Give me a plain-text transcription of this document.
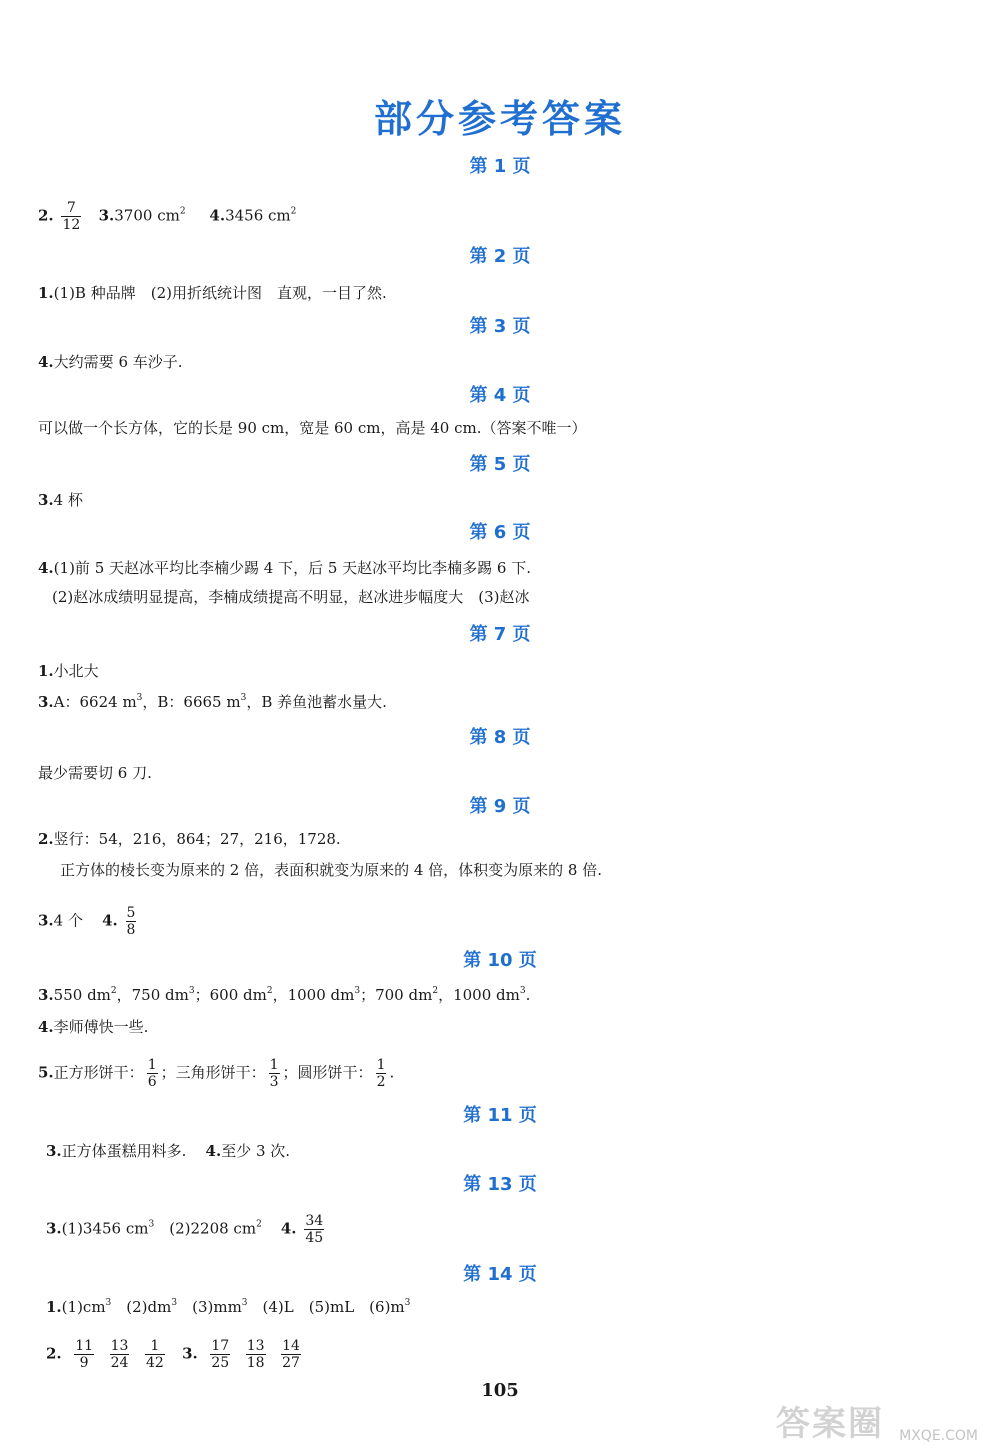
部分参考答案
第 1 页
2. $\frac{7}{12} 3.3700$ $cm^2$ 4.3456 $cm^2$
第 2 页
1.(1)B 种品牌　(2)用折纸统计图　直观，一目了然.
第 3 页
4.大约需要 6 车沙子.
第 4 页
可以做一个长方体，它的长是 90 cm，宽是 60 cm，高是 40 cm.（答案不唯一）
第 5 页
3.4 杯
第 6 页
4.(1)前 5 天赵冰平均比李楠少踢 4 下，后 5 天赵冰平均比李楠多踢 6 下.
(2)赵冰成绩明显提高，李楠成绩提高不明显，赵冰进步幅度大　(3)赵冰
第 7 页
1.小北大
3.A：6624 $m^3$，B：6665 $m^3$，B 养鱼池蓄水量大.
第 8 页
最少需要切 6 刀.
第 9 页
2.竖行：54，216，864；27，216，1728.
正方体的棱长变为原来的 2 倍，表面积就变为原来的 4 倍，体积变为原来的 8 倍.
3.4 个 4. $\frac{5}{8}$
第 10 页
3.550 $dm^2$，750 $dm^3$；600 $dm^2$，1000 $dm^3$；700 $dm^2$，1000 $dm^3$.
4.李师傅快一些.
5.正方形饼干： $\frac{1}{6}$ ；三角形饼干： $\frac{1}{3}$ ；圆形饼干： $\frac{1}{2}$ .
第 11 页
3.正方体蛋糕用料多. 4.至少 3 次.
第 13 页
3.(1)3456 $cm^3$　(2)2208 $cm^2$ 4. $\frac{34}{45}$
第 14 页
$1.(1)cm^3$　$(2)dm^3$　$(3)mm^3$　(4)L　(5)mL　$(6)m^3$
2. $\frac{11}{9}$
$\frac{13}{24}$
$\frac{1}{42} 3$. $\frac{17}{25}$
$\frac{13}{18}$
$\frac{14}{27}$
105
答案圈 MXQE.COM
